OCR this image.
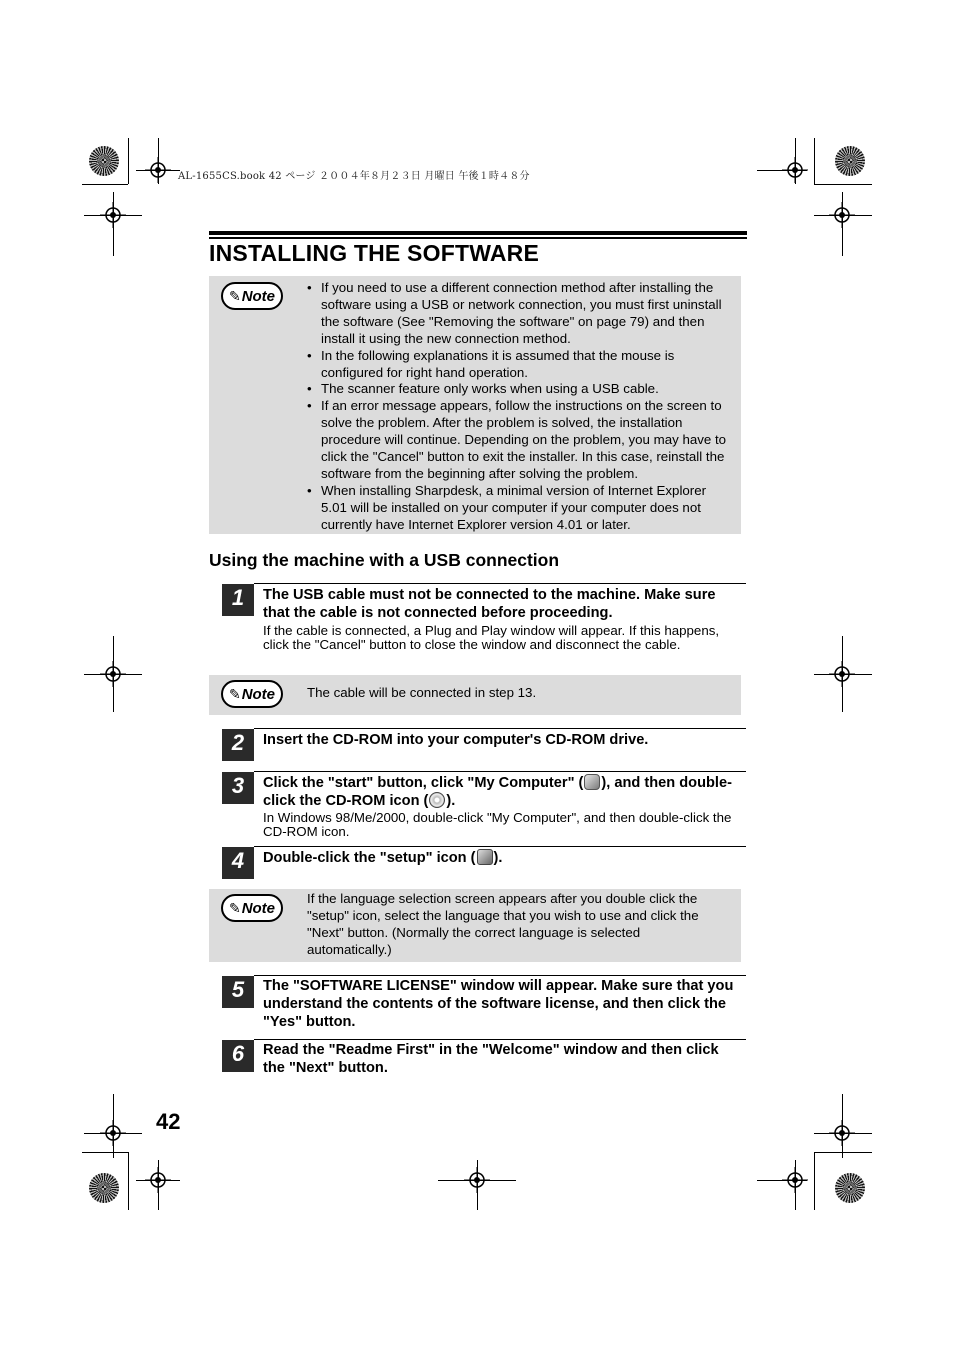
AL-1655CS.book 42 ページ ２００４年８月２３日 月曜日 午後１時４８分
INSTALLING THE SOFTWARE
✎ Note
•	If you need to use a different connection method after installing the software using a USB or network connection, you must first uninstall the software (See "Removing the software" on page 79) and then install it using the new connection method.
• In the following explanations it is assumed that the mouse is configured for right hand operation.
• The scanner feature only works when using a USB cable.
• If an error message appears, follow the instructions on the screen to solve the problem. After the problem is solved, the installation procedure will continue. Depending on the problem, you may have to click the "Cancel" button to exit the installer. In this case, reinstall the software from the beginning after solving the problem.
• When installing Sharpdesk, a minimal version of Internet Explorer 5.01 will be installed on your computer if your computer does not currently have Internet Explorer version 4.01 or later.
Using the machine with a USB connection
1	The USB cable must not be connected to the machine. Make sure that the cable is not connected before proceeding.
If the cable is connected, a Plug and Play window will appear. If this happens, click the "Cancel" button to close the window and disconnect the cable.
✎ Note The cable will be connected in step 13.
2	Insert the CD-ROM into your computer's CD-ROM drive.
3	Click the "start" button, click "My Computer" ( ), and then double-click the CD-ROM icon ( ).
In Windows 98/Me/2000, double-click "My Computer", and then double-click the CD-ROM icon.
4	Double-click the "setup" icon ( ).
✎ Note
If the language selection screen appears after you double click the "setup" icon, select the language that you wish to use and click the "Next" button. (Normally the correct language is selected automatically.)
5	The "SOFTWARE LICENSE" window will appear. Make sure that you understand the contents of the software license, and then click the "Yes" button.
6	Read the "Readme First" in the "Welcome" window and then click the "Next" button.
42
